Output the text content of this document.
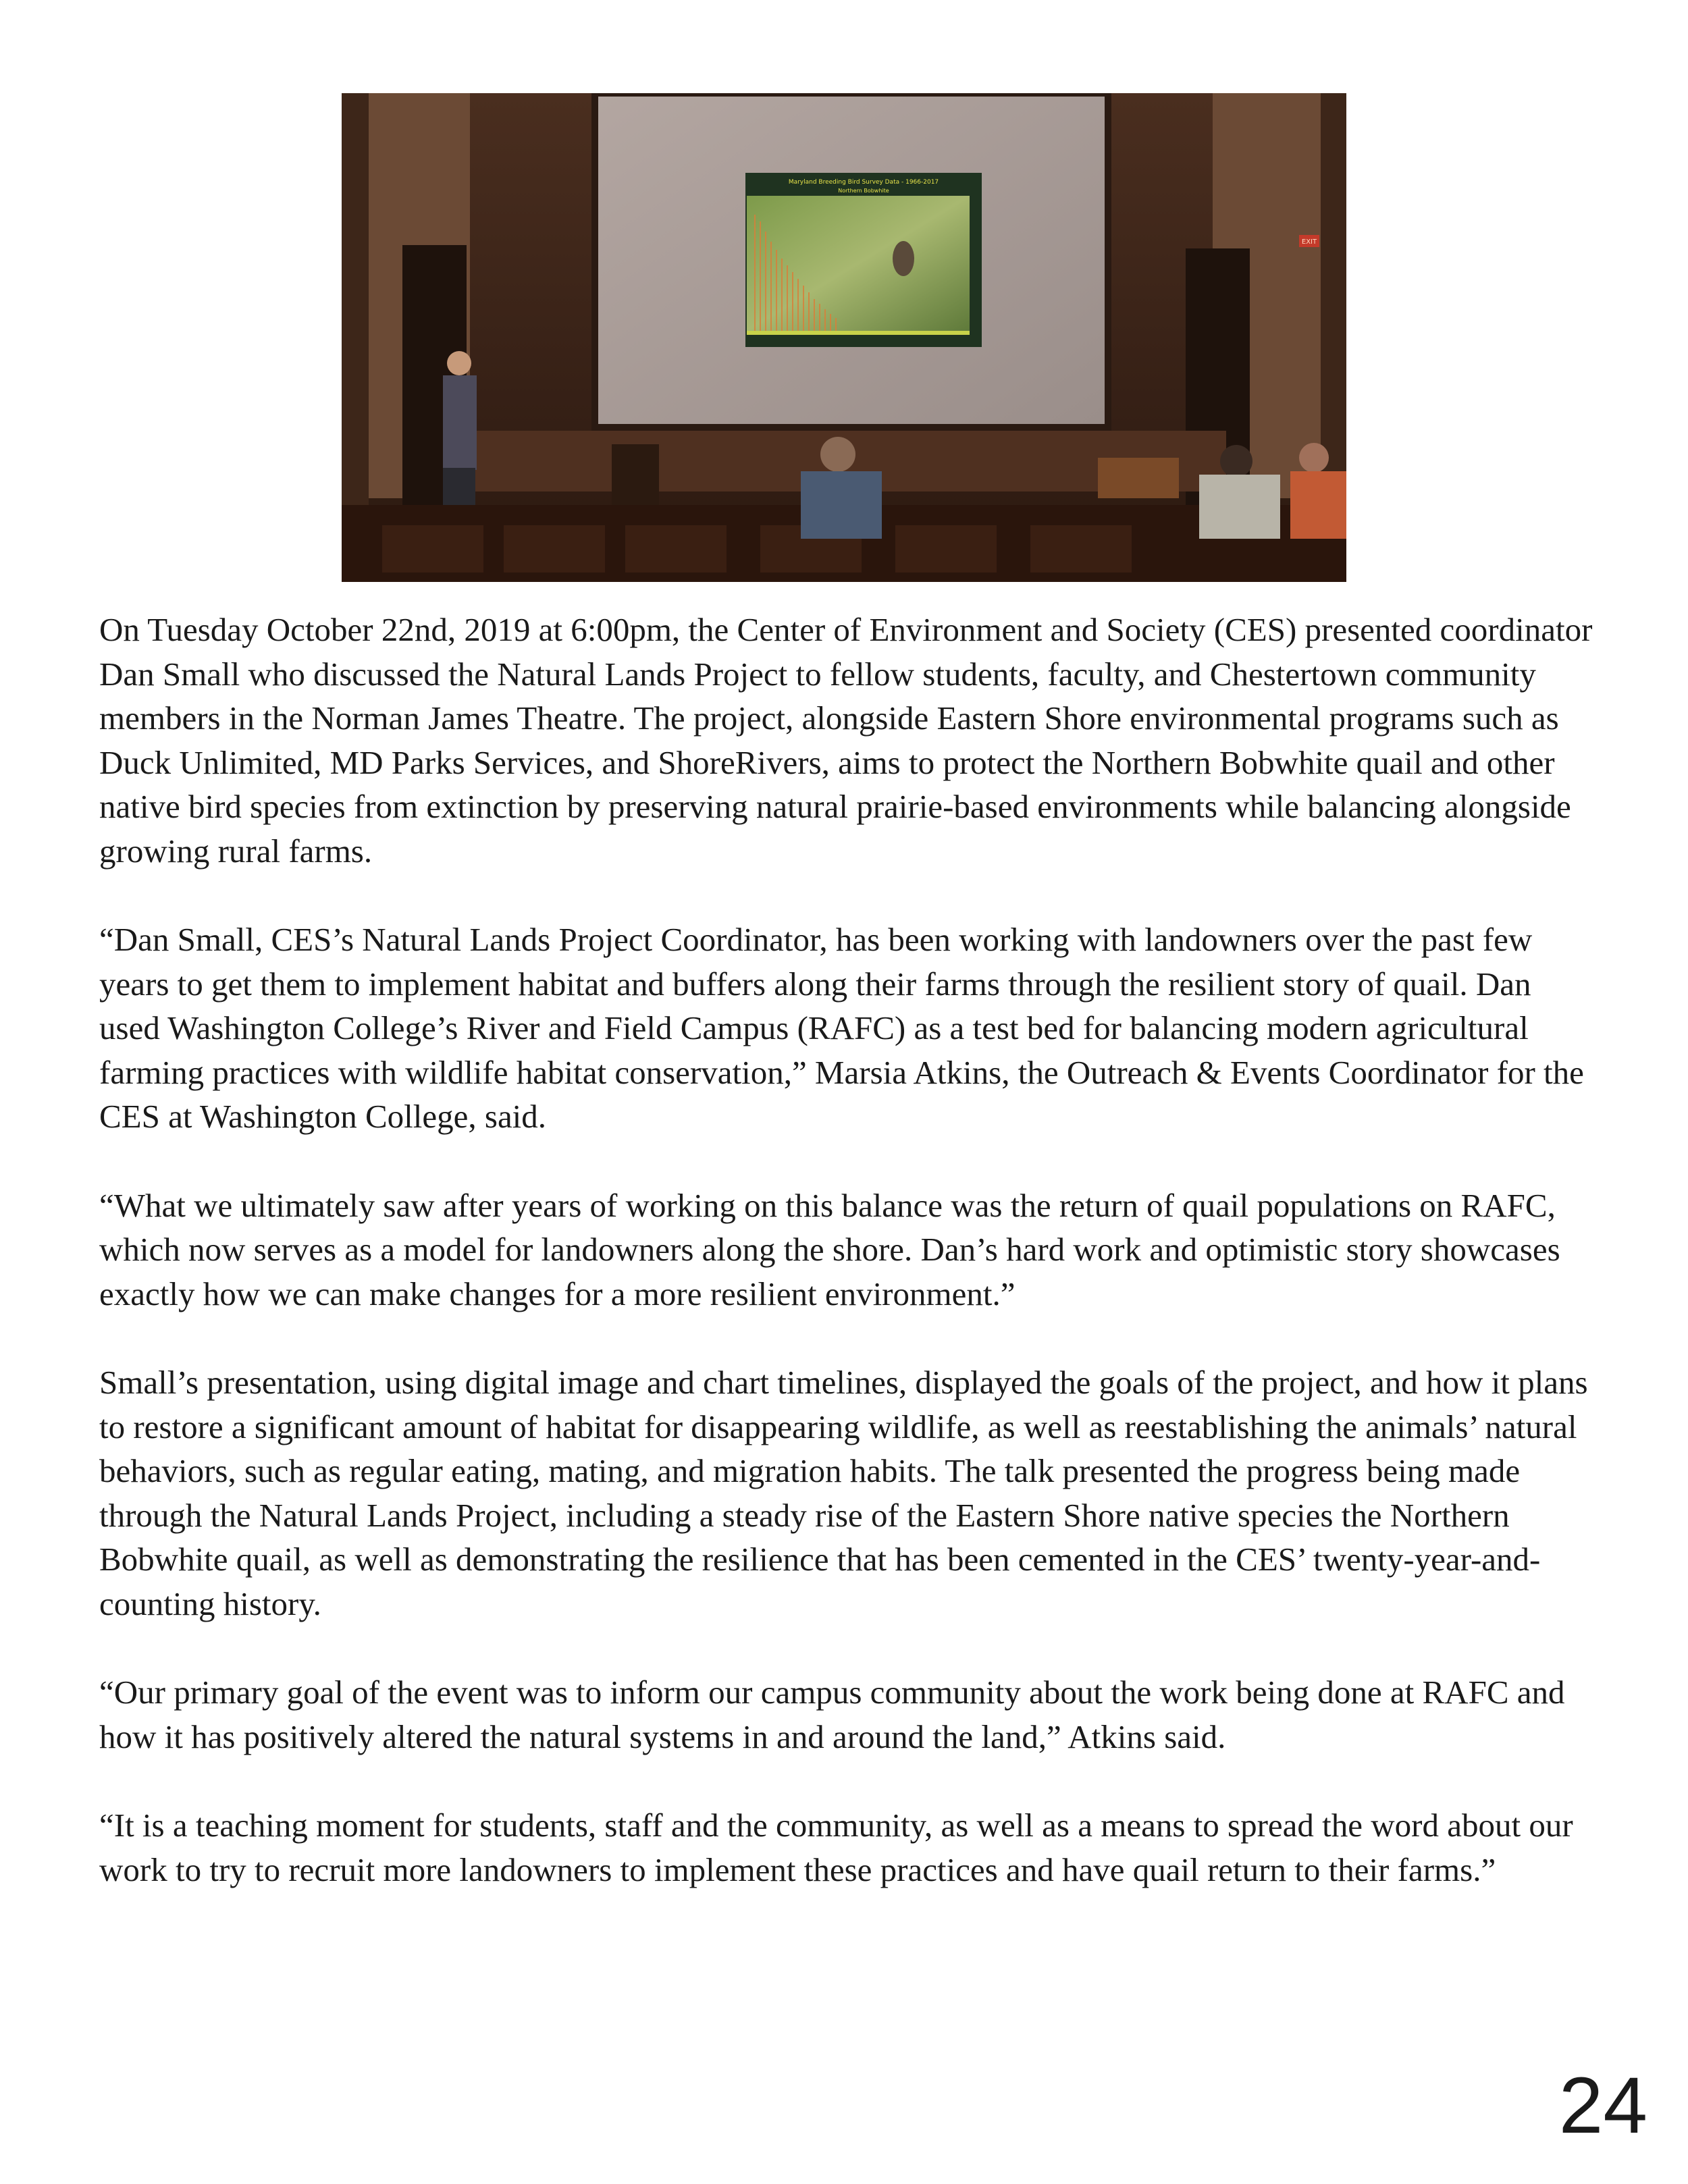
EXIT
Maryland Breeding Bird Survey Data - 1966-2017
Northern Bobwhite

On Tuesday October 22nd, 2019 at 6:00pm, the Center of Environment and Society (CES) presented coordinator Dan Small who discussed the Natural Lands Project to fellow students, faculty, and Chestertown community members in the Norman James Theatre. The project, alongside Eastern Shore environmental programs such as Duck Unlimited, MD Parks Services, and ShoreRivers, aims to protect the Northern Bobwhite quail and other native bird species from extinction by preserving natural prairie-based environments while balancing alongside growing rural farms.

“Dan Small, CES’s Natural Lands Project Coordinator, has been working with landowners over the past few years to get them to implement habitat and buffers along their farms through the resilient story of quail. Dan used Washington College’s River and Field Campus (RAFC) as a test bed for balancing modern agricultural farming practices with wildlife habitat conservation,” Marsia Atkins, the Outreach & Events Coordinator for the CES at Washington College, said.

“What we ultimately saw after years of working on this balance was the return of quail populations on RAFC, which now serves as a model for landowners along the shore. Dan’s hard work and optimistic story showcases exactly how we can make changes for a more resilient environment.”

Small’s presentation, using digital image and chart timelines, displayed the goals of the project, and how it plans to restore a significant amount of habitat for disappearing wildlife, as well as reestablishing the animals’ natural behaviors, such as regular eating, mating, and migration habits. The talk presented the progress being made through the Natural Lands Project, including a steady rise of the Eastern Shore native species the Northern Bobwhite quail, as well as demonstrating the resilience that has been cemented in the CES’ twenty-year-and-counting history.

“Our primary goal of the event was to inform our campus community about the work being done at RAFC and how it has positively altered the natural systems in and around the land,” Atkins said.

“It is a teaching moment for students, staff and the community, as well as a means to spread the word about our work to try to recruit more landowners to implement these practices and have quail return to their farms.”

24
